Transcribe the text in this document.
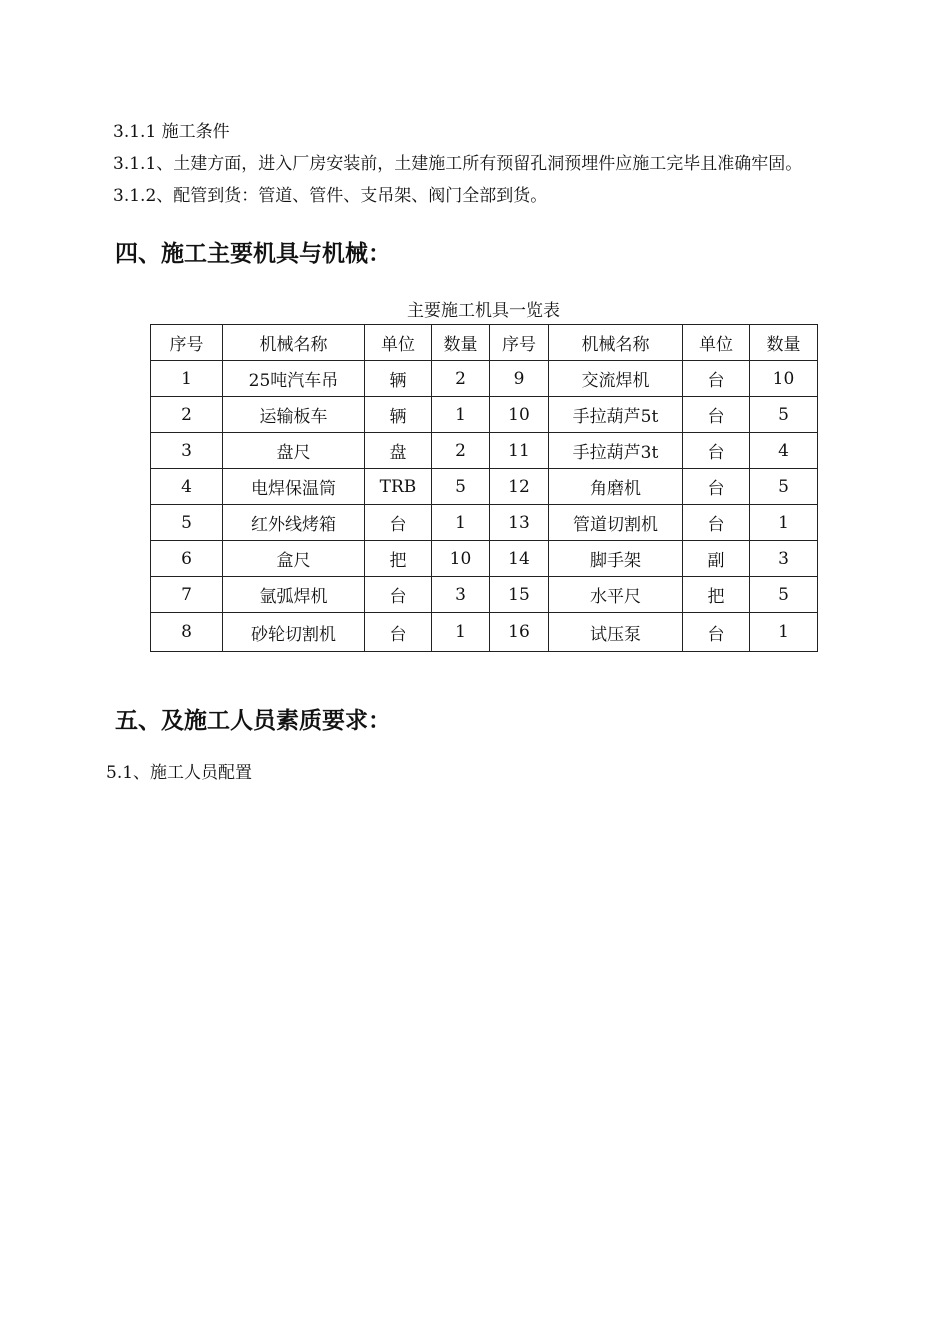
3.1.1 施工条件
3.1.1、土建方面，进入厂房安装前，土建施工所有预留孔洞预埋件应施工完毕且准确牢固。
3.1.2、配管到货：管道、管件、支吊架、阀门全部到货。
四、施工主要机具与机械：
主要施工机具一览表
序号	机械名称	单位	数量	序号	机械名称	单位	数量
1	25吨汽车吊	辆	2	9	交流焊机	台	10
2	运输板车	辆	1	10	手拉葫芦5t	台	5
3	盘尺	盘	2	11	手拉葫芦3t	台	4
4	电焊保温筒	TRB	5	12	角磨机	台	5
5	红外线烤箱	台	1	13	管道切割机	台	1
6	盒尺	把	10	14	脚手架	副	3
7	氩弧焊机	台	3	15	水平尺	把	5
8	砂轮切割机	台	1	16	试压泵	台	1
五、及施工人员素质要求：
5.1、施工人员配置
